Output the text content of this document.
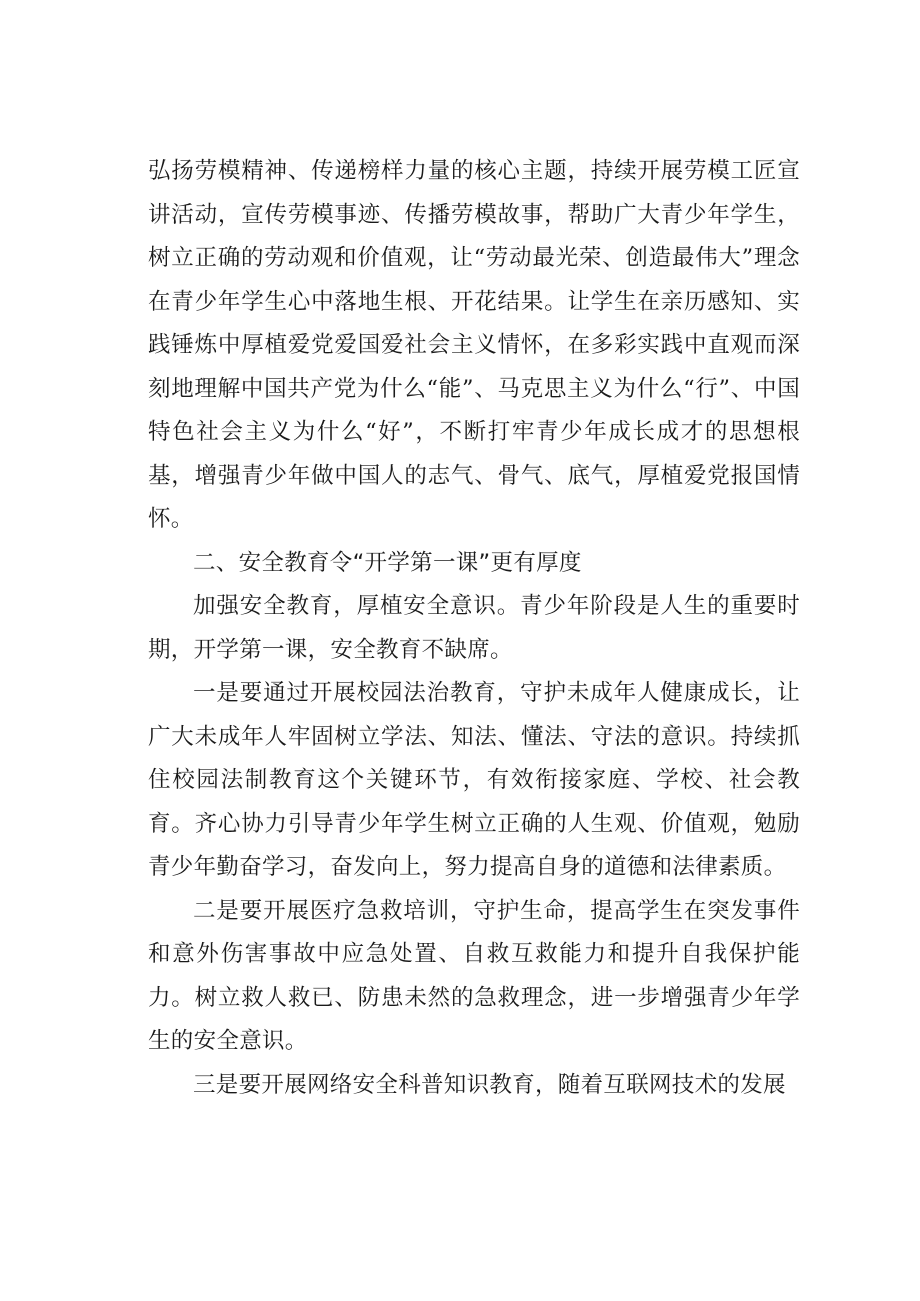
弘扬劳模精神、传递榜样力量的核心主题，持续开展劳模工匠宣讲活动，宣传劳模事迹、传播劳模故事，帮助广大青少年学生，树立正确的劳动观和价值观，让“劳动最光荣、创造最伟大”理念在青少年学生心中落地生根、开花结果。让学生在亲历感知、实践锤炼中厚植爱党爱国爱社会主义情怀，在多彩实践中直观而深刻地理解中国共产党为什么“能”、马克思主义为什么“行”、中国特色社会主义为什么“好”，不断打牢青少年成长成才的思想根基，增强青少年做中国人的志气、骨气、底气，厚植爱党报国情怀。

二、安全教育令“开学第一课”更有厚度

加强安全教育，厚植安全意识。青少年阶段是人生的重要时期，开学第一课，安全教育不缺席。

一是要通过开展校园法治教育，守护未成年人健康成长，让广大未成年人牢固树立学法、知法、懂法、守法的意识。持续抓住校园法制教育这个关键环节，有效衔接家庭、学校、社会教育。齐心协力引导青少年学生树立正确的人生观、价值观，勉励青少年勤奋学习，奋发向上，努力提高自身的道德和法律素质。

二是要开展医疗急救培训，守护生命，提高学生在突发事件和意外伤害事故中应急处置、自救互救能力和提升自我保护能力。树立救人救已、防患未然的急救理念，进一步增强青少年学生的安全意识。

三是要开展网络安全科普知识教育，随着互联网技术的发展
